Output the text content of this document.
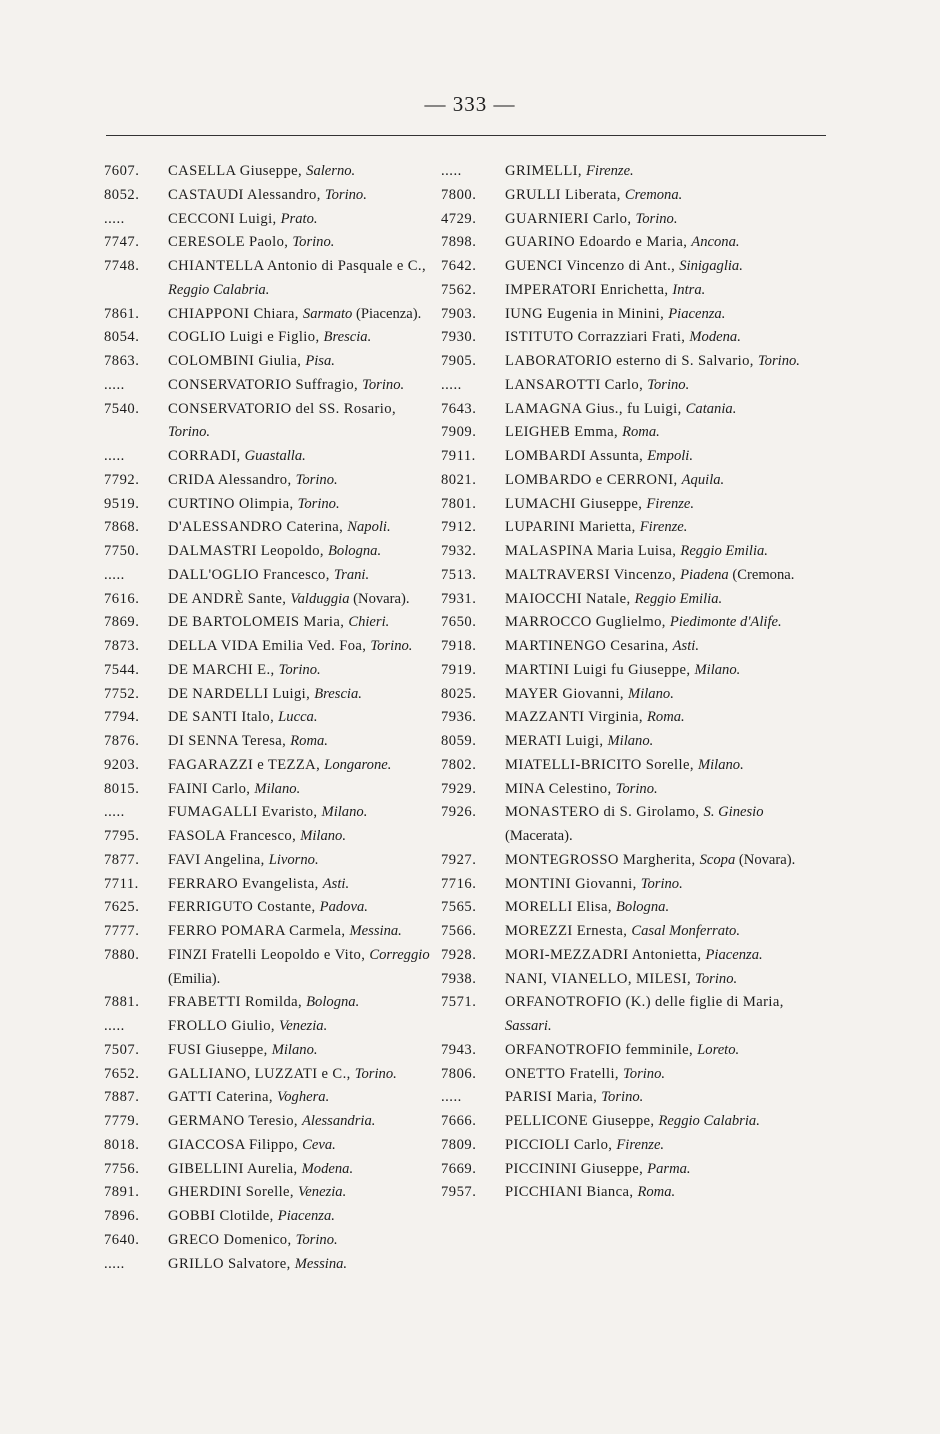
— 333 —
7607. CASELLA Giuseppe, Salerno.
8052. CASTAUDI Alessandro, Torino.
.....	CECCONI Luigi, Prato.
7747. CERESOLE Paolo, Torino.
7748. CHIANTELLA Antonio di Pasquale e C., Reggio Calabria.
7861. CHIAPPONI Chiara, Sarmato (Piacenza).
8054. COGLIO Luigi e Figlio, Brescia.
7863. COLOMBINI Giulia, Pisa.
.....	CONSERVATORIO Suffragio, Torino.
7540. CONSERVATORIO del SS. Rosario, Torino.
.....	CORRADI, Guastalla.
7792. CRIDA Alessandro, Torino.
9519. CURTINO Olimpia, Torino.
7868. D'ALESSANDRO Caterina, Napoli.
7750. DALMASTRI Leopoldo, Bologna.
.....	DALL'OGLIO Francesco, Trani.
7616. DE ANDRÈ Sante, Valduggia (Novara).
7869. DE BARTOLOMEIS Maria, Chieri.
7873. DELLA VIDA Emilia Ved. Foa, Torino.
7544. DE MARCHI E., Torino.
7752. DE NARDELLI Luigi, Brescia.
7794. DE SANTI Italo, Lucca.
7876. DI SENNA Teresa, Roma.
9203. FAGARAZZI e TEZZA, Longarone.
8015. FAINI Carlo, Milano.
.....	FUMAGALLI Evaristo, Milano.
7795. FASOLA Francesco, Milano.
7877. FAVI Angelina, Livorno.
7711. FERRARO Evangelista, Asti.
7625. FERRIGUTO Costante, Padova.
7777. FERRO POMARA Carmela, Messina.
7880. FINZI Fratelli Leopoldo e Vito, Correggio (Emilia).
7881. FRABETTI Romilda, Bologna.
.....	FROLLO Giulio, Venezia.
7507. FUSI Giuseppe, Milano.
7652. GALLIANO, LUZZATI e C., Torino.
7887. GATTI Caterina, Voghera.
7779. GERMANO Teresio, Alessandria.
8018. GIACCOSA Filippo, Ceva.
7756. GIBELLINI Aurelia, Modena.
7891. GHERDINI Sorelle, Venezia.
7896. GOBBI Clotilde, Piacenza.
7640. GRECO Domenico, Torino.
.....	GRILLO Salvatore, Messina.
.....	GRIMELLI, Firenze.
7800. GRULLI Liberata, Cremona.
4729. GUARNIERI Carlo, Torino.
7898. GUARINO Edoardo e Maria, Ancona.
7642. GUENCI Vincenzo di Ant., Sinigaglia.
7562. IMPERATORI Enrichetta, Intra.
7903. IUNG Eugenia in Minini, Piacenza.
7930. ISTITUTO Corrazziari Frati, Modena.
7905. LABORATORIO esterno di S. Salvario, Torino.
.....	LANSAROTTI Carlo, Torino.
7643. LAMAGNA Gius., fu Luigi, Catania.
7909. LEIGHEB Emma, Roma.
7911. LOMBARDI Assunta, Empoli.
8021. LOMBARDO e CERRONI, Aquila.
7801. LUMACHI Giuseppe, Firenze.
7912. LUPARINI Marietta, Firenze.
7932. MALASPINA Maria Luisa, Reggio Emilia.
7513. MALTRAVERSI Vincenzo, Piadena (Cremona.
7931. MAIOCCHI Natale, Reggio Emilia.
7650. MARROCCO Guglielmo, Piedimonte d'Alife.
7918. MARTINENGO Cesarina, Asti.
7919. MARTINI Luigi fu Giuseppe, Milano.
8025. MAYER Giovanni, Milano.
7936. MAZZANTI Virginia, Roma.
8059. MERATI Luigi, Milano.
7802. MIATELLI-BRICITO Sorelle, Milano.
7929. MINA Celestino, Torino.
7926. MONASTERO di S. Girolamo, S. Ginesio (Macerata).
7927. MONTEGROSSO Margherita, Scopa (Novara).
7716. MONTINI Giovanni, Torino.
7565. MORELLI Elisa, Bologna.
7566. MOREZZI Ernesta, Casal Monferrato.
7928. MORI-MEZZADRI Antonietta, Piacenza.
7938. NANI, VIANELLO, MILESI, Torino.
7571. ORFANOTROFIO (K.) delle figlie di Maria, Sassari.
7943. ORFANOTROFIO femminile, Loreto.
7806. ONETTO Fratelli, Torino.
.....	PARISI Maria, Torino.
7666. PELLICONE Giuseppe, Reggio Calabria.
7809. PICCIOLI Carlo, Firenze.
7669. PICCININI Giuseppe, Parma.
7957. PICCHIANI Bianca, Roma.
